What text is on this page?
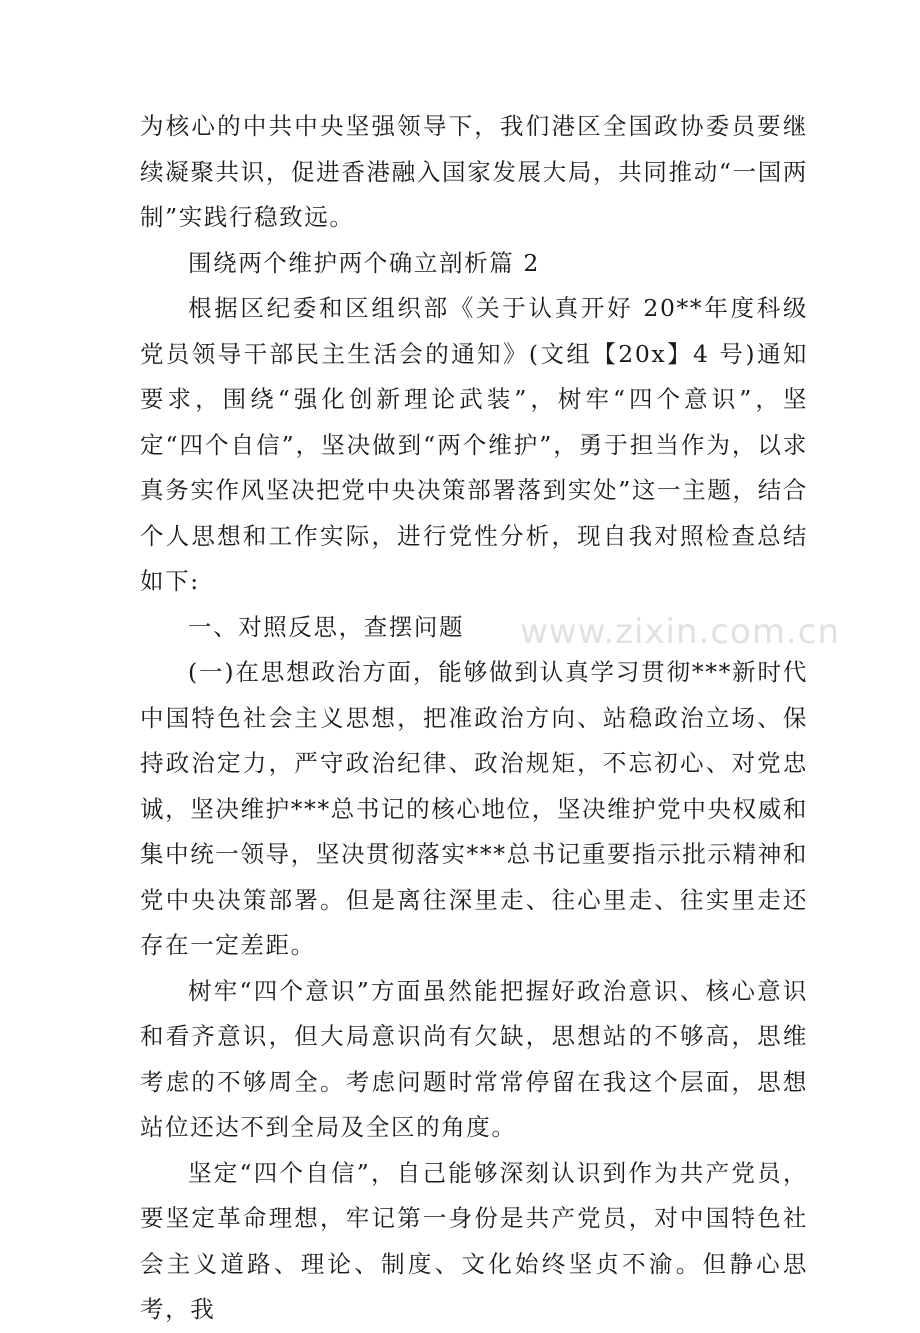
为核心的中共中央坚强领导下，我们港区全国政协委员要继续凝聚共识，促进香港融入国家发展大局，共同推动“一国两制”实践行稳致远。

围绕两个维护两个确立剖析篇 2

根据区纪委和区组织部《关于认真开好 20**年度科级党员领导干部民主生活会的通知》(文组【20x】4 号)通知要求，围绕“强化创新理论武装”，树牢“四个意识”，坚定“四个自信”，坚决做到“两个维护”，勇于担当作为，以求真务实作风坚决把党中央决策部署落到实处”这一主题，结合个人思想和工作实际，进行党性分析，现自我对照检查总结如下:

一、对照反思，查摆问题

(一)在思想政治方面，能够做到认真学习贯彻***新时代中国特色社会主义思想，把准政治方向、站稳政治立场、保持政治定力，严守政治纪律、政治规矩，不忘初心、对党忠诚，坚决维护***总书记的核心地位，坚决维护党中央权威和集中统一领导，坚决贯彻落实***总书记重要指示批示精神和党中央决策部署。但是离往深里走、往心里走、往实里走还存在一定差距。

树牢“四个意识”方面虽然能把握好政治意识、核心意识和看齐意识，但大局意识尚有欠缺，思想站的不够高，思维考虑的不够周全。考虑问题时常常停留在我这个层面，思想站位还达不到全局及全区的角度。

坚定“四个自信”，自己能够深刻认识到作为共产党员，要坚定革命理想，牢记第一身份是共产党员，对中国特色社会主义道路、理论、制度、文化始终坚贞不渝。但静心思考，我

www.zixin.com.cn
